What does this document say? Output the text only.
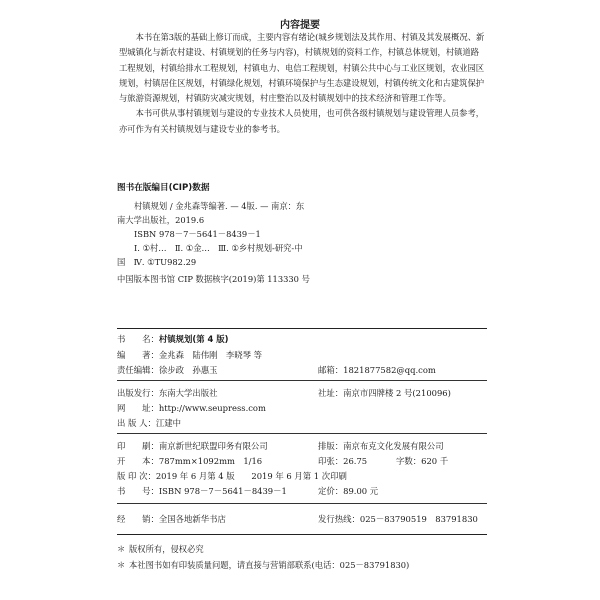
内容提要

本书在第3版的基础上修订而成，主要内容有绪论(城乡规划法及其作用、村镇及其发展概况、新型城镇化与新农村建设、村镇规划的任务与内容)，村镇规划的资料工作，村镇总体规划，村镇道路工程规划，村镇给排水工程规划，村镇电力、电信工程规划，村镇公共中心与工业区规划，农业园区规划，村镇居住区规划，村镇绿化规划，村镇环境保护与生态建设规划，村镇传统文化和古建筑保护与旅游资源规划，村镇防灾减灾规划，村庄整治以及村镇规划中的技术经济和管理工作等。

本书可供从事村镇规划与建设的专业技术人员使用，也可供各级村镇规划与建设管理人员参考，亦可作为有关村镇规划与建设专业的参考书。

图书在版编目(CIP)数据
村镇规划 / 金兆森等编著. — 4版. — 南京：东
南大学出版社，2019.6
ISBN 978－7－5641－8439－1
Ⅰ. ①村…　Ⅱ. ①金…　Ⅲ. ①乡村规划-研究-中
国　Ⅳ. ①TU982.29
中国版本图书馆 CIP 数据核字(2019)第 113330 号
书　　名：村镇规划(第 4 版)
编　　著：金兆森　陆伟刚　李晓琴 等
责任编辑：徐步政　孙惠玉	邮箱：1821877582@qq.com
出版发行：东南大学出版社	社址：南京市四牌楼 2 号(210096)
网　　址：http://www.seupress.com
出 版 人：江建中
印　　刷：南京新世纪联盟印务有限公司	排版：南京布克文化发展有限公司
开　　本：787mm×1092mm　1/16	印张：26.75	字数：620 千
版 印 次：2019 年 6 月第 4 版　　2019 年 6 月第 1 次印刷
书　　号：ISBN 978－7－5641－8439－1	定价：89.00 元
经　　销：全国各地新华书店	发行热线：025－83790519　83791830
＊ 版权所有，侵权必究
＊ 本社图书如有印装质量问题，请直接与营销部联系(电话：025－83791830)
